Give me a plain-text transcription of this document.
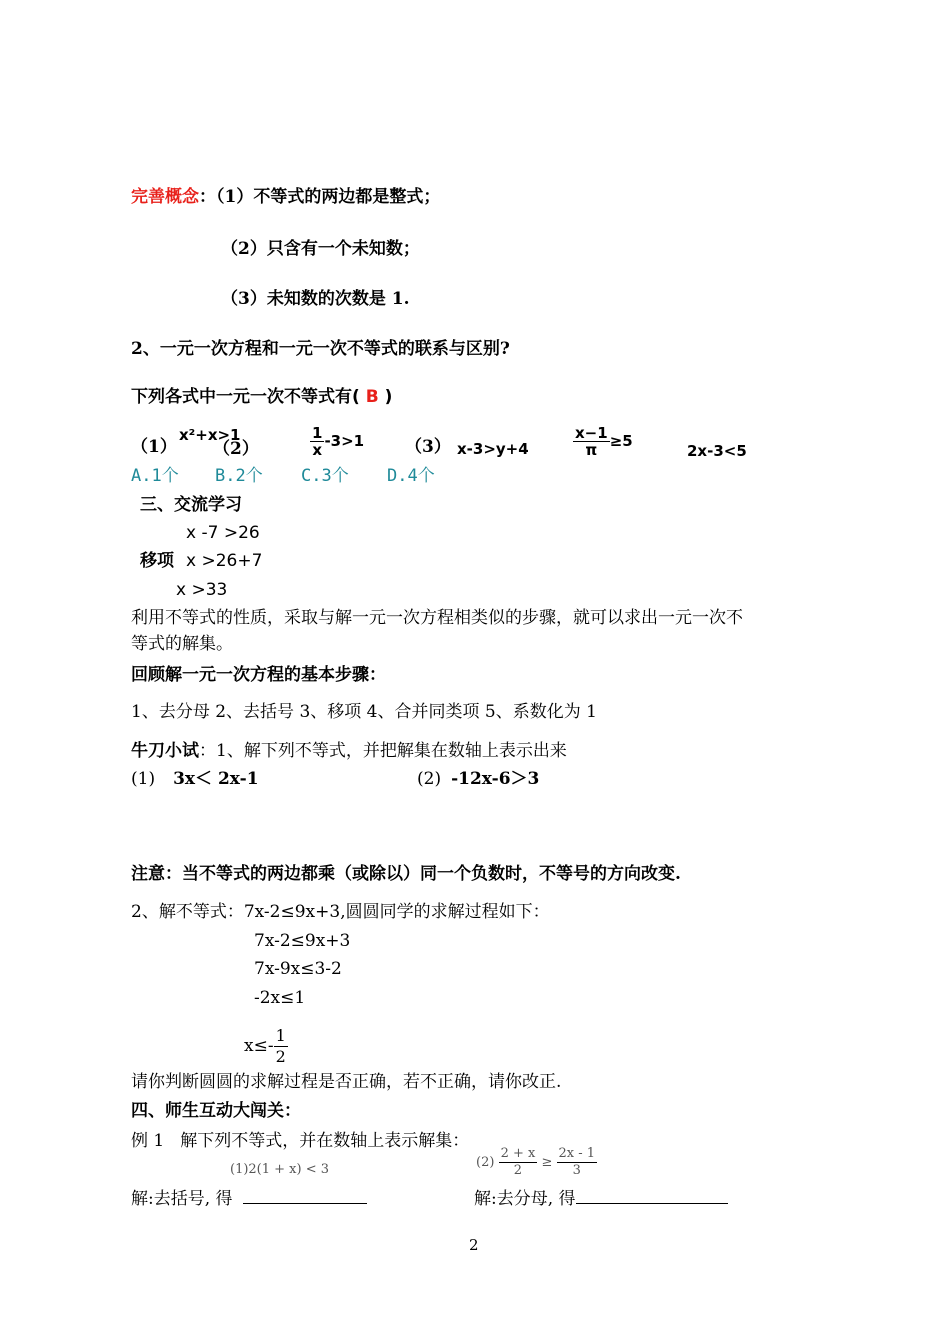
完善概念：（1）不等式的两边都是整式；
（2）只含有一个未知数；
（3）未知数的次数是 1.
2、一元一次方程和一元一次不等式的联系与区别?
下列各式中一元一次不等式有( B )
（1）
x²+x>1
（2）	$\frac{1}{x} -3>1$ （3） x-3>y+4	$\frac{x-1}{\pi} \ge 5$
2x-3<5
A.1个 B.2个 C.3个 D.4个
三、交流学习
x -7 >26
移项 x >26+7
x >33
利用不等式的性质，采取与解一元一次方程相类似的步骤，就可以求出一元一次不
等式的解集。
回顾解一元一次方程的基本步骤：
1、去分母 2、去括号 3、移项 4、合并同类项 5、系数化为 1
牛刀小试：1、解下列不等式，并把解集在数轴上表示出来
(1) 3x＜ 2x-1	(2) -12x-6＞3
注意：当不等式的两边都乘（或除以）同一个负数时，不等号的方向改变.
2、解不等式：7x-2≤9x+3,圆圆同学的求解过程如下：
7x-2≤9x+3
7x-9x≤3-2
-2x≤1
$x\le- \frac{1}{2}$
请你判断圆圆的求解过程是否正确，若不正确，请你改正.
四、师生互动大闯关：
例 1 解下列不等式，并在数轴上表示解集：
(1)2(1 + x) < 3	$(2) \frac{2 + x}{2} \ge \frac{2x - 1}{3}$
解:去括号, 得	解:去分母, 得
2
